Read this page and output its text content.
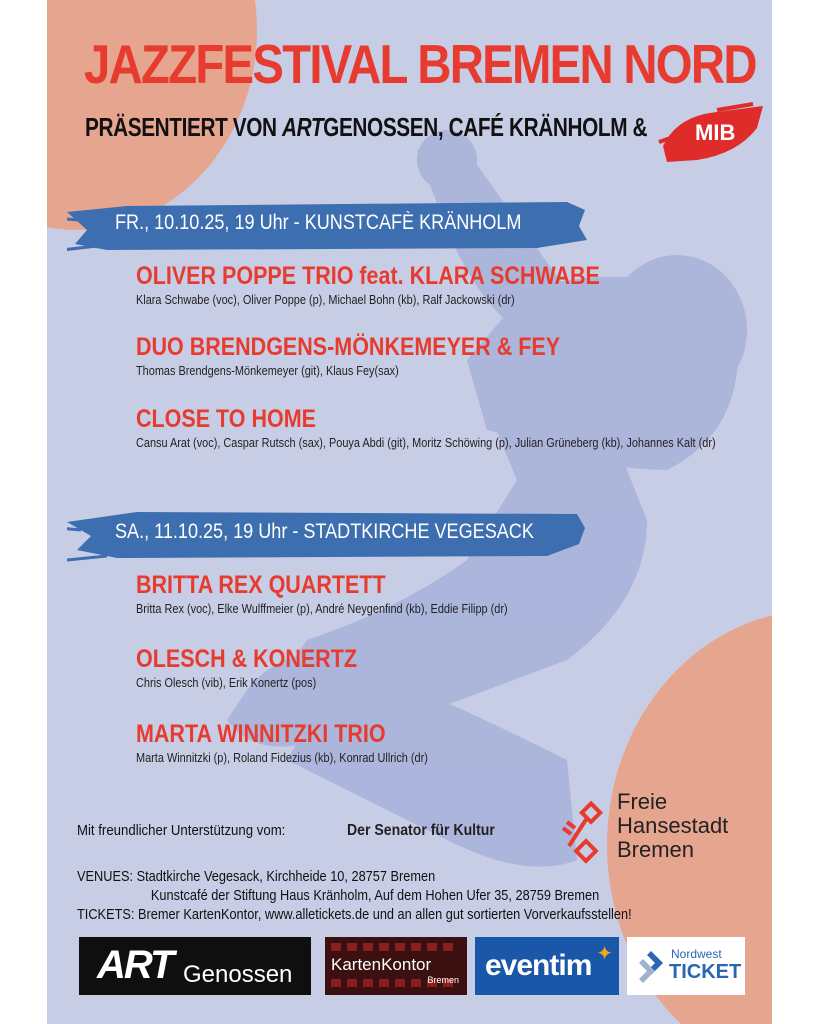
JAZZFESTIVAL BREMEN NORD
PRÄSENTIERT VON ARTGENOSSEN, CAFÉ KRÄNHOLM & MIB
FR., 10.10.25, 19 Uhr - KUNSTCAFÈ KRÄNHOLM
OLIVER POPPE TRIO feat. KLARA SCHWABE
Klara Schwabe (voc), Oliver Poppe (p), Michael Bohn (kb), Ralf Jackowski (dr)
DUO BRENDGENS-MÖNKEMEYER & FEY
Thomas Brendgens-Mönkemeyer (git), Klaus Fey(sax)
CLOSE TO HOME
Cansu Arat (voc), Caspar Rutsch (sax), Pouya Abdi (git), Moritz Schöwing (p), Julian Grüneberg (kb), Johannes Kalt (dr)
SA., 11.10.25, 19 Uhr - STADTKIRCHE VEGESACK
BRITTA REX QUARTETT
Britta Rex (voc), Elke Wulffmeier (p), André Neygenfind (kb), Eddie Filipp (dr)
OLESCH & KONERTZ
Chris Olesch (vib), Erik Konertz (pos)
MARTA WINNITZKI TRIO
Marta Winnitzki (p), Roland Fidezius (kb), Konrad Ullrich (dr)
Mit freundlicher Unterstützung vom:	Der Senator für Kultur
Freie
Hansestadt
Bremen
VENUES: Stadtkirche Vegesack, Kirchheide 10, 28757 Bremen
Kunstcafé der Stiftung Haus Kränholm, Auf dem Hohen Ufer 35, 28759 Bremen
TICKETS: Bremer KartenKontor, www.alletickets.de und an allen gut sortierten Vorverkaufsstellen!
ART Genossen KartenKontor
Bremen eventim ✦	Nordwest
TICKET
